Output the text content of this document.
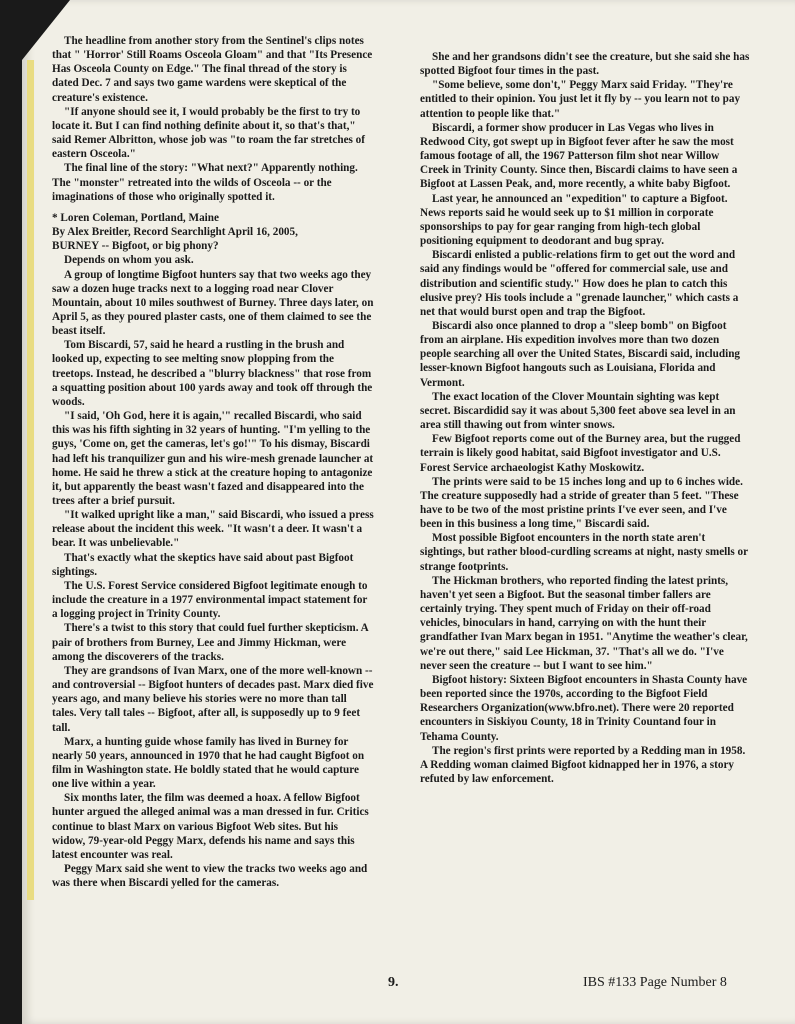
The headline from another story from the Sentinel's clips notes that " 'Horror' Still Roams Osceola Gloam" and that "Its Presence Has Osceola County on Edge." The final thread of the story is dated Dec. 7 and says two game wardens were skeptical of the creature's existence.

"If anyone should see it, I would probably be the first to try to locate it. But I can find nothing definite about it, so that's that," said Remer Albritton, whose job was "to roam the far stretches of eastern Osceola."

The final line of the story: "What next?" Apparently nothing. The "monster" retreated into the wilds of Osceola -- or the imaginations of those who originally spotted it.

* Loren Coleman, Portland, Maine

By Alex Breitler, Record Searchlight April 16, 2005,

BURNEY -- Bigfoot, or big phony?

Depends on whom you ask.

A group of longtime Bigfoot hunters say that two weeks ago they saw a dozen huge tracks next to a logging road near Clover Mountain, about 10 miles southwest of Burney. Three days later, on April 5, as they poured plaster casts, one of them claimed to see the beast itself.

Tom Biscardi, 57, said he heard a rustling in the brush and looked up, expecting to see melting snow plopping from the treetops. Instead, he described a "blurry blackness" that rose from a squatting position about 100 yards away and took off through the woods.

"I said, 'Oh God, here it is again,'" recalled Biscardi, who said this was his fifth sighting in 32 years of hunting. "I'm yelling to the guys, 'Come on, get the cameras, let's go!'" To his dismay, Biscardi had left his tranquilizer gun and his wire-mesh grenade launcher at home. He said he threw a stick at the creature hoping to antagonize it, but apparently the beast wasn't fazed and disappeared into the trees after a brief pursuit.

"It walked upright like a man," said Biscardi, who issued a press release about the incident this week. "It wasn't a deer. It wasn't a bear. It was unbelievable."

That's exactly what the skeptics have said about past Bigfoot sightings.

The U.S. Forest Service considered Bigfoot legitimate enough to include the creature in a 1977 environmental impact statement for a logging project in Trinity County.

There's a twist to this story that could fuel further skepticism. A pair of brothers from Burney, Lee and Jimmy Hickman, were among the discoverers of the tracks.

They are grandsons of Ivan Marx, one of the more well-known -- and controversial -- Bigfoot hunters of decades past. Marx died five years ago, and many believe his stories were no more than tall tales. Very tall tales -- Bigfoot, after all, is supposedly up to 9 feet tall.

Marx, a hunting guide whose family has lived in Burney for nearly 50 years, announced in 1970 that he had caught Bigfoot on film in Washington state. He boldly stated that he would capture one live within a year.

Six months later, the film was deemed a hoax. A fellow Bigfoot hunter argued the alleged animal was a man dressed in fur. Critics continue to blast Marx on various Bigfoot Web sites. But his widow, 79-year-old Peggy Marx, defends his name and says this latest encounter was real.

Peggy Marx said she went to view the tracks two weeks ago and was there when Biscardi yelled for the cameras.

She and her grandsons didn't see the creature, but she said she has spotted Bigfoot four times in the past.

"Some believe, some don't," Peggy Marx said Friday. "They're entitled to their opinion. You just let it fly by -- you learn not to pay attention to people like that."

Biscardi, a former show producer in Las Vegas who lives in Redwood City, got swept up in Bigfoot fever after he saw the most famous footage of all, the 1967 Patterson film shot near Willow Creek in Trinity County. Since then, Biscardi claims to have seen a Bigfoot at Lassen Peak, and, more recently, a white baby Bigfoot.

Last year, he announced an "expedition" to capture a Bigfoot. News reports said he would seek up to $1 million in corporate sponsorships to pay for gear ranging from high-tech global positioning equipment to deodorant and bug spray.

Biscardi enlisted a public-relations firm to get out the word and said any findings would be "offered for commercial sale, use and distribution and scientific study." How does he plan to catch this elusive prey? His tools include a "grenade launcher," which casts a net that would burst open and trap the Bigfoot.

Biscardi also once planned to drop a "sleep bomb" on Bigfoot from an airplane. His expedition involves more than two dozen people searching all over the United States, Biscardi said, including lesser-known Bigfoot hangouts such as Louisiana, Florida and Vermont.

The exact location of the Clover Mountain sighting was kept secret. Biscardidid say it was about 5,300 feet above sea level in an area still thawing out from winter snows.

Few Bigfoot reports come out of the Burney area, but the rugged terrain is likely good habitat, said Bigfoot investigator and U.S. Forest Service archaeologist Kathy Moskowitz.

The prints were said to be 15 inches long and up to 6 inches wide. The creature supposedly had a stride of greater than 5 feet. "These have to be two of the most pristine prints I've ever seen, and I've been in this business a long time," Biscardi said.

Most possible Bigfoot encounters in the north state aren't sightings, but rather blood-curdling screams at night, nasty smells or strange footprints.

The Hickman brothers, who reported finding the latest prints, haven't yet seen a Bigfoot. But the seasonal timber fallers are certainly trying. They spent much of Friday on their off-road vehicles, binoculars in hand, carrying on with the hunt their grandfather Ivan Marx began in 1951. "Anytime the weather's clear, we're out there," said Lee Hickman, 37. "That's all we do. "I've never seen the creature -- but I want to see him."

Bigfoot history: Sixteen Bigfoot encounters in Shasta County have been reported since the 1970s, according to the Bigfoot Field Researchers Organization(www.bfro.net). There were 20 reported encounters in Siskiyou County, 18 in Trinity Countand four in Tehama County.

The region's first prints were reported by a Redding man in 1958. A Redding woman claimed Bigfoot kidnapped her in 1976, a story refuted by law enforcement.

9.	IBS #133 Page Number 8
